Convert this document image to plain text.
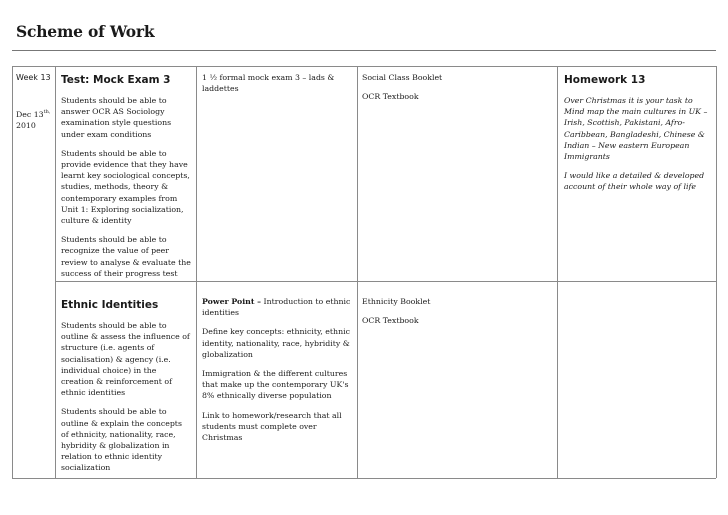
Scheme of Work
Week 13
Dec $13^{th,}$
2010
Test: Mock Exam 3

Students should be able to answer OCR AS Sociology examination style questions under exam conditions

Students should be able to provide evidence that they have learnt key sociological concepts, studies, methods, theory & contemporary examples from Unit 1: Exploring socialization, culture & identity

Students should be able to recognize the value of peer review to analyse & evaluate the success of their progress test

1 ½ formal mock exam 3 – lads & laddettes

Social Class Booklet

OCR Textbook

Homework 13

Over Christmas it is your task to Mind map the main cultures in UK – Irish, Scottish, Pakistani, Afro-Caribbean, Bangladeshi, Chinese & Indian – New eastern European Immigrants

I would like a detailed & developed account of their whole way of life

Ethnic Identities

Students should be able to outline & assess the influence of structure (i.e. agents of socialisation) & agency (i.e. individual choice) in the creation & reinforcement of ethnic identities

Students should be able to outline & explain the concepts of ethnicity, nationality, race, hybridity & globalization in relation to ethnic identity socialization

Power Point – Introduction to ethnic identities

Define key concepts: ethnicity, ethnic identity, nationality, race, hybridity & globalization

Immigration & the different cultures that make up the contemporary UK's 8% ethnically diverse population

Link to homework/research that all students must complete over Christmas

Ethnicity Booklet

OCR Textbook
